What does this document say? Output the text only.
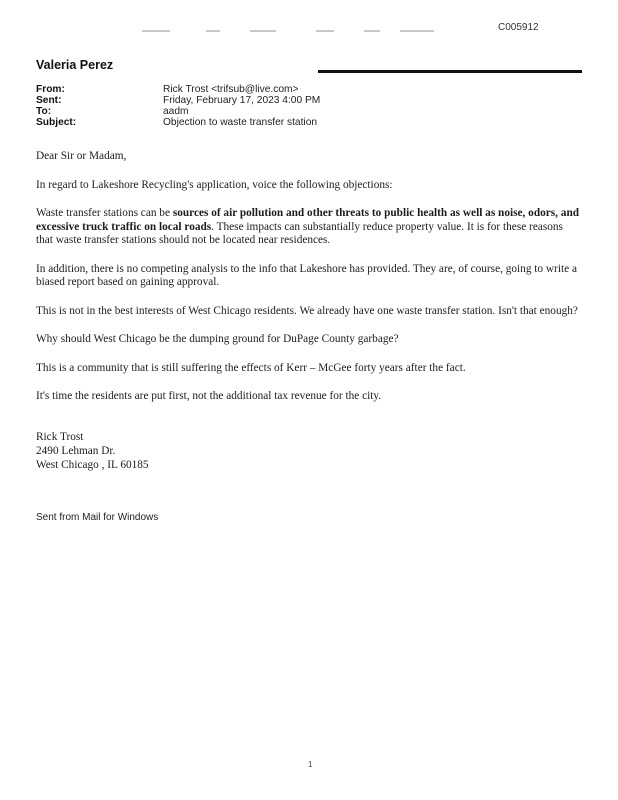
C005912
Valeria Perez
From:	Rick Trost <trifsub@live.com>
Sent:	Friday, February 17, 2023 4:00 PM
To:	aadm
Subject:	Objection to waste transfer station

Dear Sir or Madam,

In regard to Lakeshore Recycling's application, voice the following objections:

Waste transfer stations can be sources of air pollution and other threats to public health as well as noise, odors, and excessive truck traffic on local roads. These impacts can substantially reduce property value. It is for these reasons that waste transfer stations should not be located near residences.

In addition, there is no competing analysis to the info that Lakeshore has provided. They are, of course, going to write a biased report based on gaining approval.

This is not in the best interests of West Chicago residents. We already have one waste transfer station. Isn't that enough?

Why should West Chicago be the dumping ground for DuPage County garbage?

This is a community that is still suffering the effects of Kerr – McGee forty years after the fact.

It's time the residents are put first, not the additional tax revenue for the city.

Rick Trost
2490 Lehman Dr.
West Chicago , IL 60185
Sent from Mail for Windows
1
